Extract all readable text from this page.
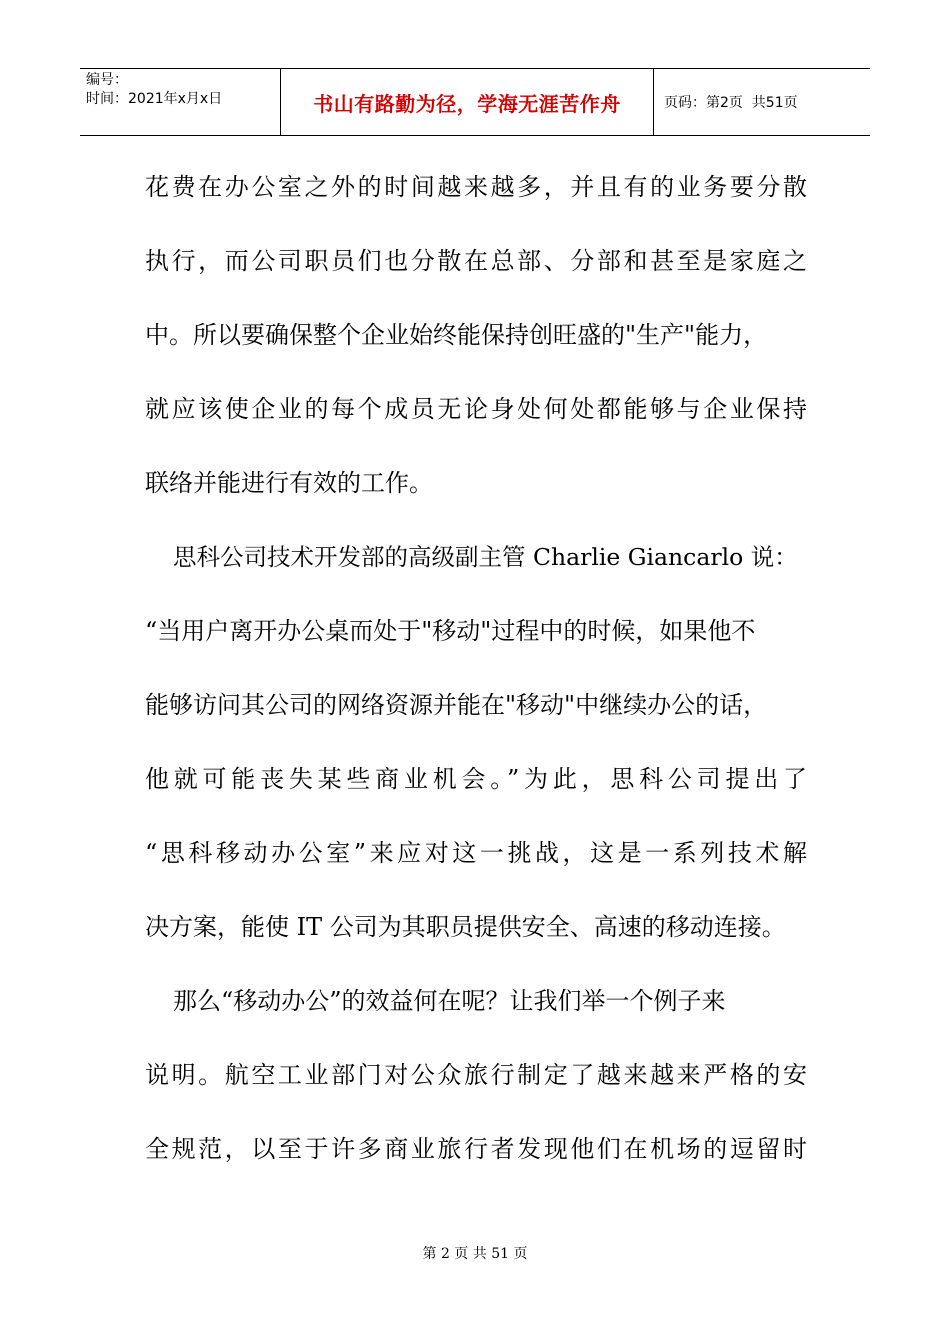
编号：
时间：2021年x月x日	书山有路勤为径，学海无涯苦作舟	页码：第2页  共51页
花费在办公室之外的时间越来越多，并且有的业务要分散
执行，而公司职员们也分散在总部、分部和甚至是家庭之
中。所以要确保整个企业始终能保持创旺盛的"生产"能力，
就应该使企业的每个成员无论身处何处都能够与企业保持
联络并能进行有效的工作。
思科公司技术开发部的高级副主管 Charlie Giancarlo 说：
“当用户离开办公桌而处于"移动"过程中的时候，如果他不
能够访问其公司的网络资源并能在"移动"中继续办公的话，
他就可能丧失某些商业机会。”为此，思科公司提出了
“思科移动办公室”来应对这一挑战，这是一系列技术解
决方案，能使 IT 公司为其职员提供安全、高速的移动连接。
那么“移动办公”的效益何在呢？让我们举一个例子来
说明。航空工业部门对公众旅行制定了越来越来严格的安
全规范，以至于许多商业旅行者发现他们在机场的逗留时
第 2 页 共 51 页
